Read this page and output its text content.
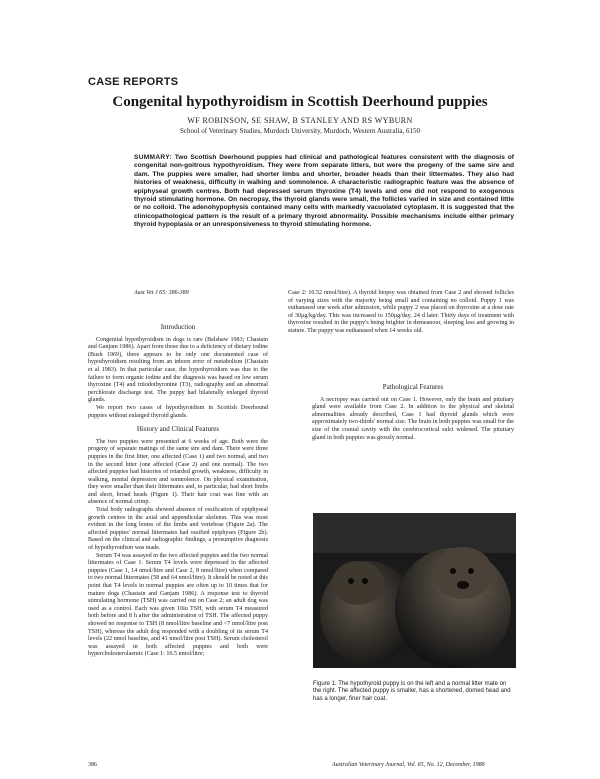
CASE REPORTS
Congenital hypothyroidism in Scottish Deerhound puppies
WF ROBINSON, SE SHAW, B STANLEY AND RS WYBURN
School of Veterinary Studies, Murdoch University, Murdoch, Western Australia, 6150
SUMMARY: Two Scottish Deerhound puppies had clinical and pathological features consistent with the diagnosis of congenital non-goitrous hypothyroidism. They were from separate litters, but were the progeny of the same sire and dam. The puppies were smaller, had shorter limbs and shorter, broader heads than their littermates. They also had histories of weakness, difficulty in walking and somnolence. A characteristic radiographic feature was the absence of epiphyseal growth centres. Both had depressed serum thyroxine (T4) levels and one did not respond to exogenous thyroid stimulating hormone. On necropsy, the thyroid glands were small, the follicles varied in size and contained little or no colloid. The adenohypophysis contained many cells with markedly vacuolated cytoplasm. It is suggested that the clinicopathological pattern is the result of a primary thyroid abnormality. Possible mechanisms include either primary thyroid hypoplasia or an unresponsiveness to thyroid stimulating hormone.
Aust Vet J 65: 386-389

Introduction

Congenital hypothyroidism in dogs is rare (Belshaw 1983; Chastain and Ganjam 1986). Apart from those due to a deficiency of dietary iodine (Bush 1969), there appears to be only one documented case of hypothyroidism resulting from an inborn error of metabolism (Chastain et al 1983). In that particular case, the hypothyroidism was due to the failure to form organic iodine and the diagnosis was based on low serum thyroxine (T4) and triiodothyronine (T3), radiography and an abnormal perchlorate discharge test. The puppy had bilaterally enlarged thyroid glands.

We report two cases of hypothyroidism in Scottish Deerhound puppies without enlarged thyroid glands.

History and Clinical Features

The two puppies were presented at 6 weeks of age. Both were the progeny of separate matings of the same sire and dam. There were three puppies in the first litter, one affected (Case 1) and two normal, and two in the second litter (one affected (Case 2) and one normal). The two affected puppies had histories of retarded growth, weakness, difficulty in walking, mental depression and somnolence. On physical examination, they were smaller than their littermates and, in particular, had short limbs and short, broad heads (Figure 1). Their hair coat was fine with an absence of normal crimp.

Total body radiographs showed absence of ossification of epiphyseal growth centres in the axial and appendicular skeleton. This was most evident in the long bones of the limbs and vertebrae (Figure 2a). The affected puppies' normal littermates had ossified epiphyses (Figure 2b). Based on the clinical and radiographic findings, a presumptive diagnosis of hypothyroidism was made.

Serum T4 was assayed in the two affected puppies and the two normal littermates of Case 1. Serum T4 levels were depressed in the affected puppies (Case 1, 14 nmol/litre and Case 2, 8 nmol/litre) when compared to two normal littermates (58 and 64 nmol/litre). It should be noted at this point that T4 levels in normal puppies are often up to 10 times that for mature dogs (Chastain and Ganjam 1986). A response test to thyroid stimulating hormone (TSH) was carried out on Case 2; an adult dog was used as a control. Each was given 10iu TSH, with serum T4 measured both before and 8 h after the administration of TSH. The affected puppy showed no response to TSH (8 nmol/litre baseline and <7 nmol/litre post TSH), whereas the adult dog responded with a doubling of its serum T4 levels (22 nmol baseline, and 41 nmol/litre post TSH). Serum cholesterol was assayed in both affected puppies and both were hypercholesterolaemic (Case 1: 10.5 nmol/litre;

Case 2: 10.52 nmol/litre). A thyroid biopsy was obtained from Case 2 and showed follicles of varying sizes with the majority being small and containing no colloid. Puppy 1 was euthanased one week after admission, while puppy 2 was placed on thyroxine at a dose rate of 30μg/kg/day. This was increased to 150μg/day, 24 d later. Thirty days of treatment with thyroxine resulted in the puppy's being brighter in demeanour, sleeping less and growing in stature. The puppy was euthanased when 14 weeks old.

Pathological Features

A necropsy was carried out on Case 1. However, only the brain and pituitary gland were available from Case 2. In addition to the physical and skeletal abnormalities already described, Case 1 had thyroid glands which were approximately two-thirds' normal size. The brain in both puppies was small for the size of the cranial cavity with the cerebrocortical sulci widened. The pituitary gland in both puppies was grossly normal.

Figure 1. The hypothyroid puppy is on the left and a normal litter mate on the right. The affected puppy is smaller, has a shortened, domed head and has a longer, finer hair coat.
386	Australian Veterinary Journal, Vol. 65, No. 12, December, 1988
